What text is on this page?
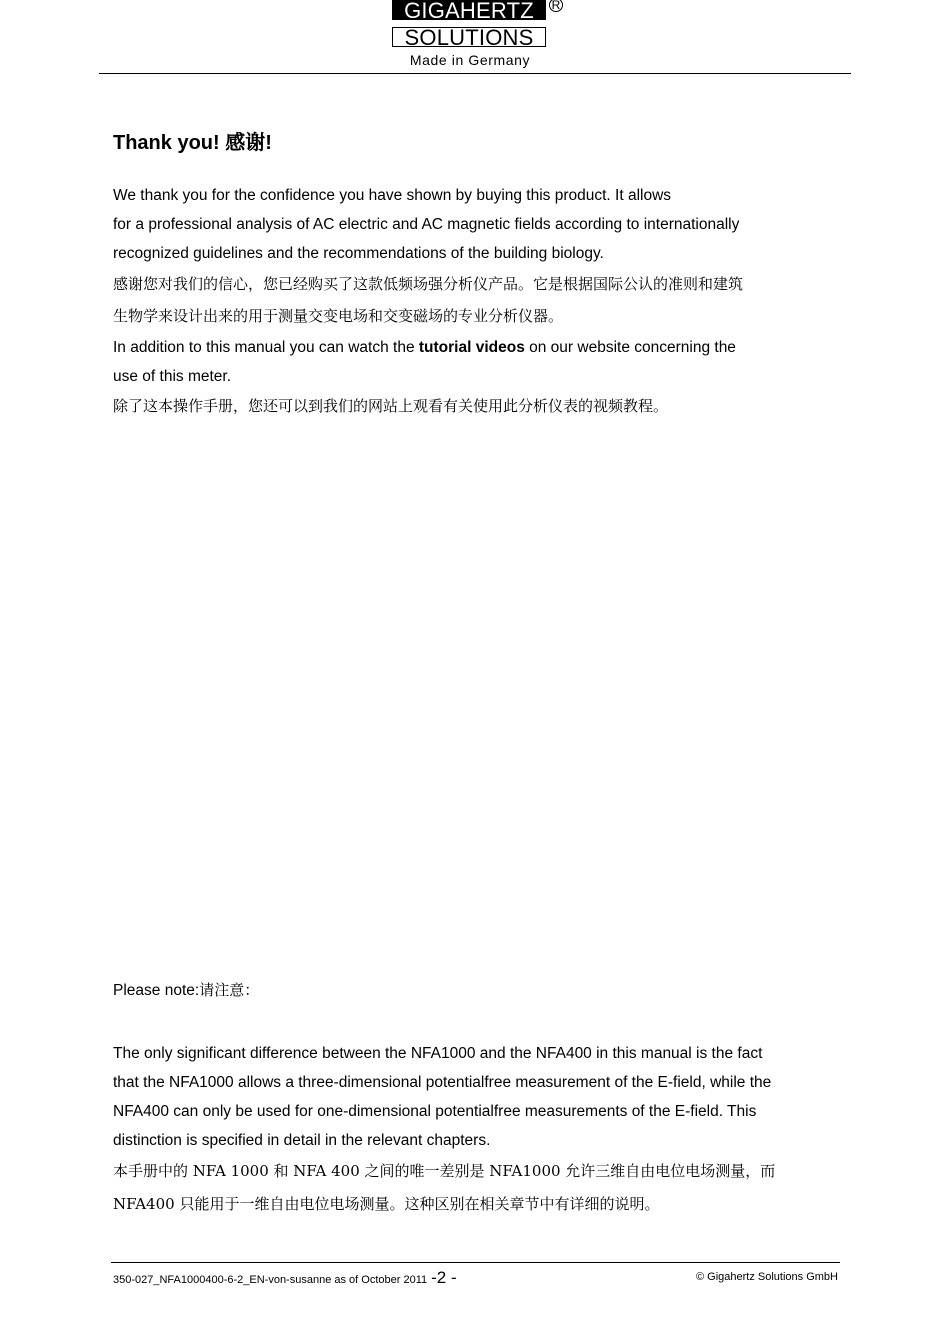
GIGAHERTZ	R
SOLUTIONS
Made in Germany
Thank you! 感谢!
We thank you for the confidence you have shown by buying this product. It allows
for a professional analysis of AC electric and AC magnetic fields according to internationally
recognized guidelines and the recommendations of the building biology.
感谢您对我们的信心，您已经购买了这款低频场强分析仪产品。它是根据国际公认的准则和建筑
生物学来设计出来的用于测量交变电场和交变磁场的专业分析仪器。
In addition to this manual you can watch the tutorial videos on our website concerning the
use of this meter.
除了这本操作手册，您还可以到我们的网站上观看有关使用此分析仪表的视频教程。
Please note:请注意：
The only significant difference between the NFA1000 and the NFA400 in this manual is the fact
that the NFA1000 allows a three-dimensional potentialfree measurement of the E-field, while the
NFA400 can only be used for one-dimensional potentialfree measurements of the E-field. This
distinction is specified in detail in the relevant chapters.
本手册中的 NFA 1000 和 NFA 400 之间的唯一差别是 NFA1000 允许三维自由电位电场测量，而
NFA400 只能用于一维自由电位电场测量。这种区别在相关章节中有详细的说明。
350-027_NFA1000400-6-2_EN-von-susanne as of October 2011 -2 -	© Gigahertz Solutions GmbH
